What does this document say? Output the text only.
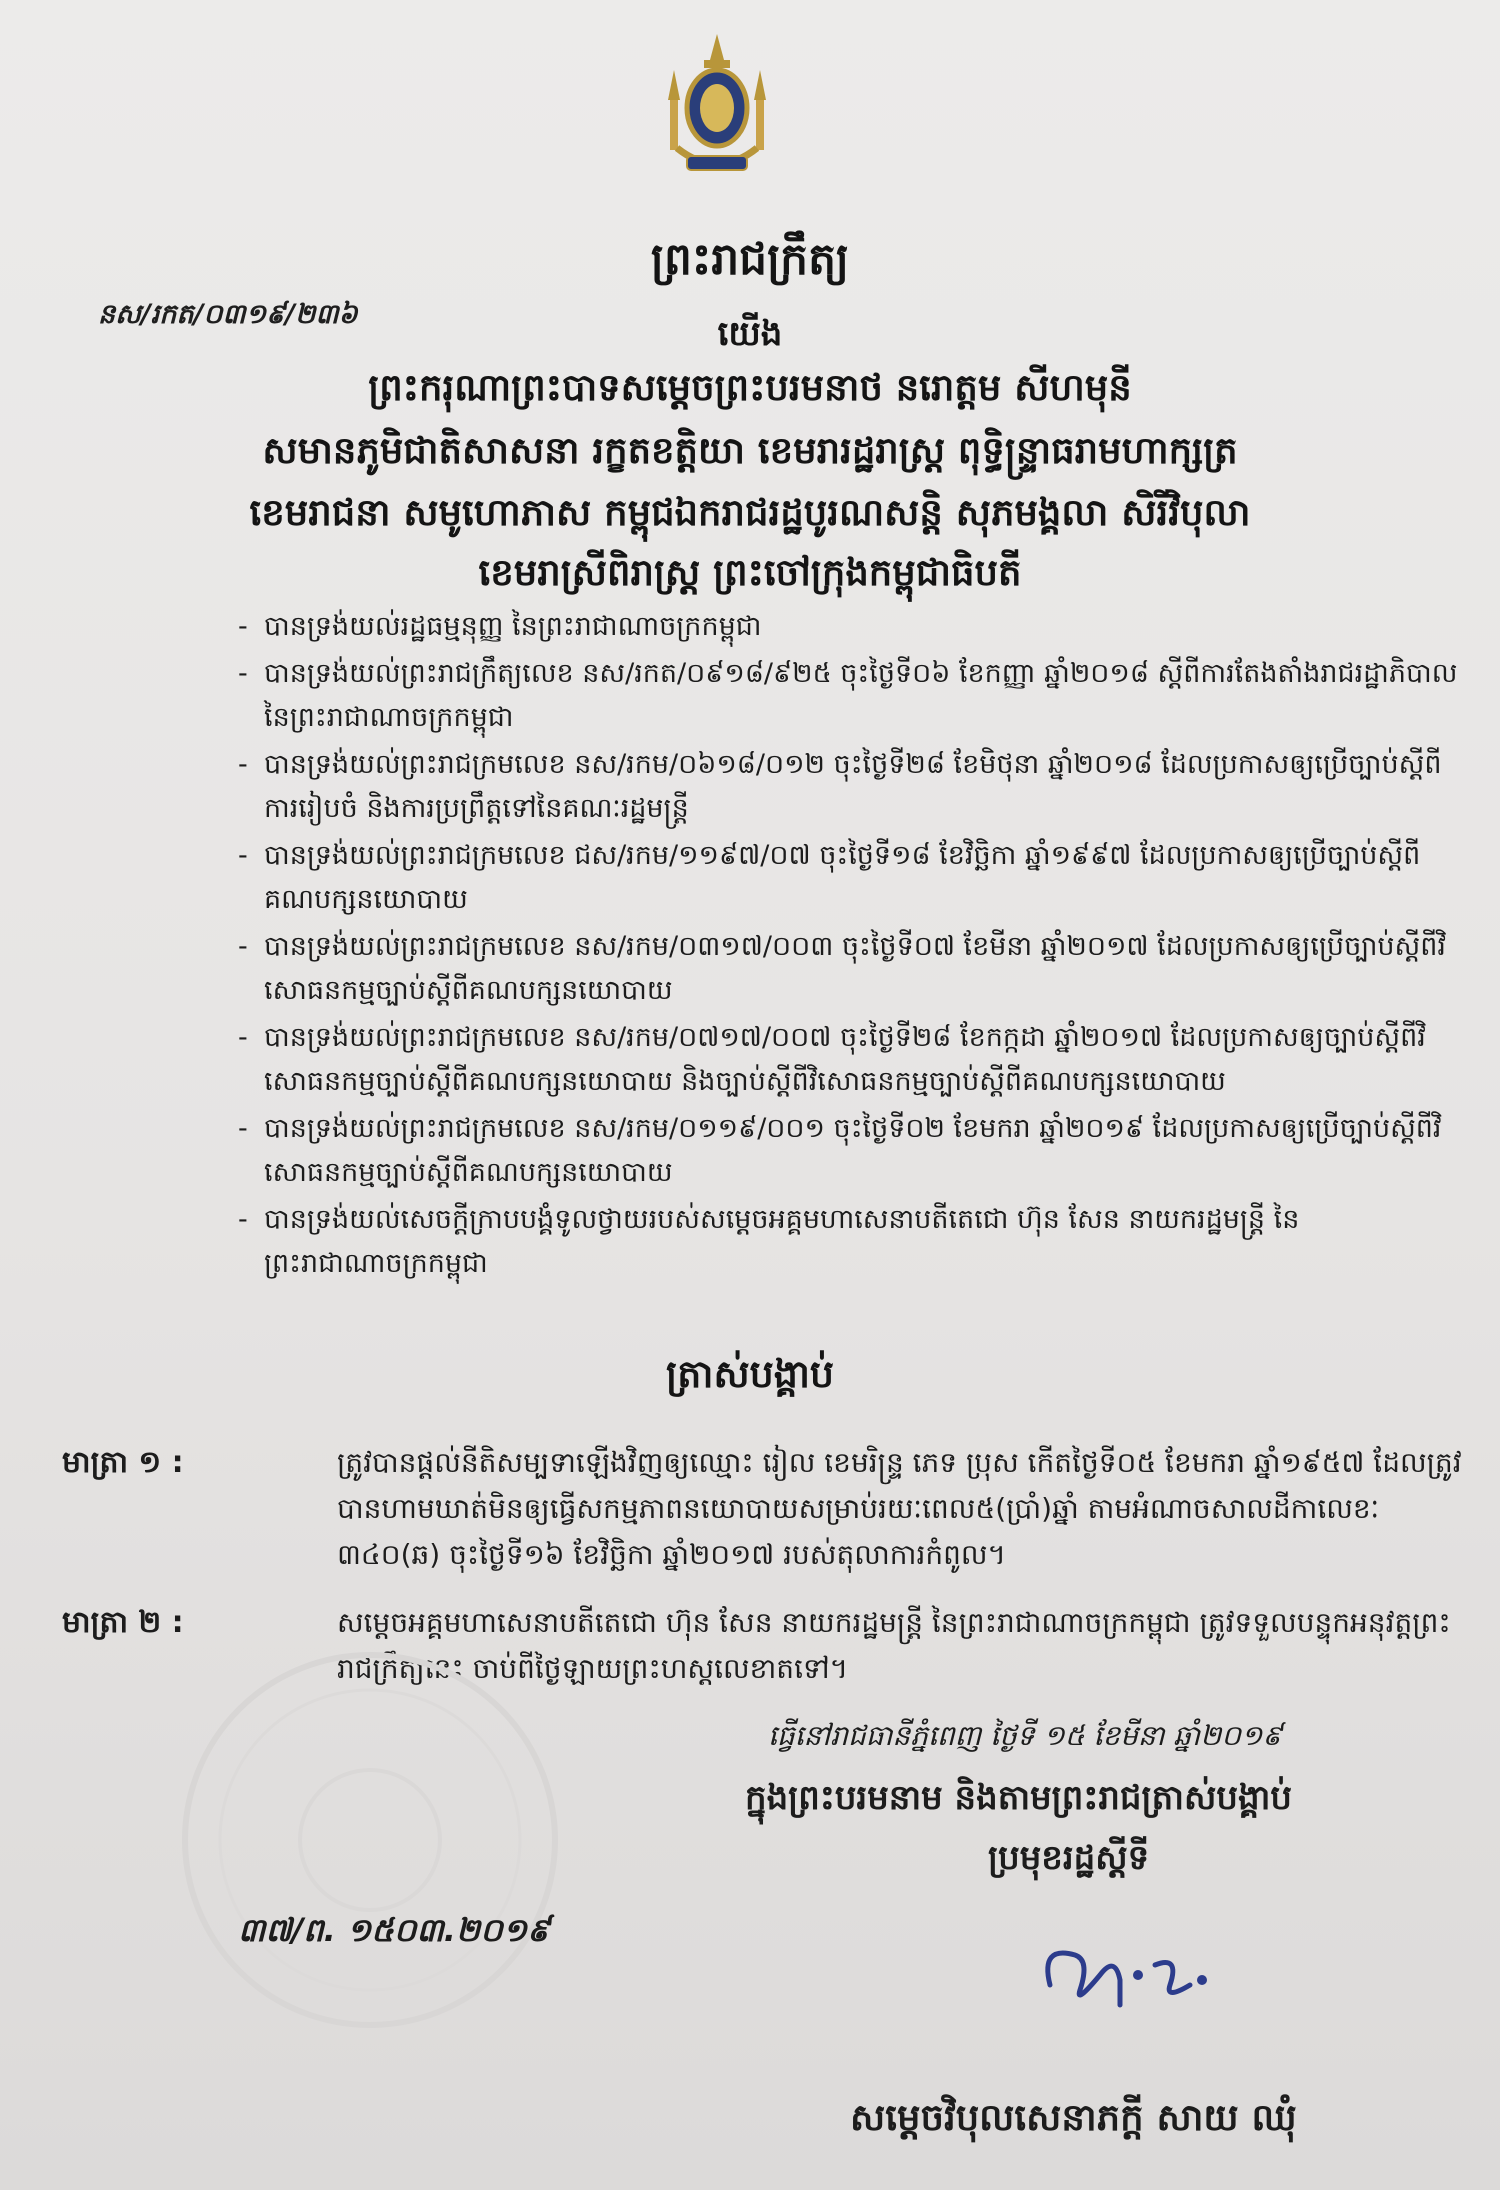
ព្រះរាជក្រឹត្យ
នស/រកត/០៣១៩/២៣៦	យើង
ព្រះករុណាព្រះបាទសម្តេចព្រះបរមនាថ នរោត្តម សីហមុនី
សមានភូមិជាតិសាសនា រក្ខតខត្តិយា ខេមរារដ្ឋរាស្ត្រ ពុទ្ធិន្ទ្រាធរាមហាក្សត្រ
ខេមរាជនា សមូហោភាស កម្ពុជឯករាជរដ្ឋបូរណសន្តិ សុភមង្គលា សិរីវិបុលា
ខេមរាស្រីពិរាស្ត្រ ព្រះចៅក្រុងកម្ពុជាធិបតី
- បានទ្រង់យល់រដ្ឋធម្មនុញ្ញ នៃព្រះរាជាណាចក្រកម្ពុជា
- បានទ្រង់យល់ព្រះរាជក្រឹត្យលេខ នស/រកត/០៩១៨/៩២៥ ចុះថ្ងៃទី០៦ ខែកញ្ញា ឆ្នាំ២០១៨ ស្តីពីការតែងតាំងរាជរដ្ឋាភិបាល នៃព្រះរាជាណាចក្រកម្ពុជា
- បានទ្រង់យល់ព្រះរាជក្រមលេខ នស/រកម/០៦១៨/០១២ ចុះថ្ងៃទី២៨ ខែមិថុនា ឆ្នាំ២០១៨ ដែលប្រកាសឲ្យប្រើច្បាប់ស្តីពីការរៀបចំ និងការប្រព្រឹត្តទៅនៃគណៈរដ្ឋមន្ត្រី
- បានទ្រង់យល់ព្រះរាជក្រមលេខ ជស/រកម/១១៩៧/០៧ ចុះថ្ងៃទី១៨ ខែវិច្ឆិកា ឆ្នាំ១៩៩៧ ដែលប្រកាសឲ្យប្រើច្បាប់ស្តីពីគណបក្សនយោបាយ
- បានទ្រង់យល់ព្រះរាជក្រមលេខ នស/រកម/០៣១៧/០០៣ ចុះថ្ងៃទី០៧ ខែមីនា ឆ្នាំ២០១៧ ដែលប្រកាសឲ្យប្រើច្បាប់ស្តីពីវិសោធនកម្មច្បាប់ស្តីពីគណបក្សនយោបាយ
- បានទ្រង់យល់ព្រះរាជក្រមលេខ នស/រកម/០៧១៧/០០៧ ចុះថ្ងៃទី២៨ ខែកក្កដា ឆ្នាំ២០១៧ ដែលប្រកាសឲ្យច្បាប់ស្តីពីវិសោធនកម្មច្បាប់ស្តីពីគណបក្សនយោបាយ និងច្បាប់ស្តីពីវិសោធនកម្មច្បាប់ស្តីពីគណបក្សនយោបាយ
- បានទ្រង់យល់ព្រះរាជក្រមលេខ នស/រកម/០១១៩/០០១ ចុះថ្ងៃទី០២ ខែមករា ឆ្នាំ២០១៩ ដែលប្រកាសឲ្យប្រើច្បាប់ស្តីពីវិសោធនកម្មច្បាប់ស្តីពីគណបក្សនយោបាយ
- បានទ្រង់យល់សេចក្តីក្រាបបង្គំទូលថ្វាយរបស់សម្តេចអគ្គមហាសេនាបតីតេជោ ហ៊ុន សែន នាយករដ្ឋមន្ត្រី នៃព្រះរាជាណាចក្រកម្ពុជា
ត្រាស់បង្គាប់
មាត្រា ១ :	ត្រូវបានផ្តល់នីតិសម្បទាឡើងវិញឲ្យឈ្មោះ រៀល ខេមរិន្ទ្រ ភេទ ប្រុស កើតថ្ងៃទី០៥ ខែមករា ឆ្នាំ១៩៥៧ ដែលត្រូវបានហាមឃាត់មិនឲ្យធ្វើសកម្មភាពនយោបាយសម្រាប់រយៈពេល៥(ប្រាំ)ឆ្នាំ តាមអំណាចសាលដីកាលេខៈ ៣៤០(ឆ) ចុះថ្ងៃទី១៦ ខែវិច្ឆិកា ឆ្នាំ២០១៧ របស់តុលាការកំពូល។
មាត្រា ២ :	សម្តេចអគ្គមហាសេនាបតីតេជោ ហ៊ុន សែន នាយករដ្ឋមន្ត្រី នៃព្រះរាជាណាចក្រកម្ពុជា ត្រូវទទួលបន្ទុកអនុវត្តព្រះរាជក្រឹត្យនេះ ចាប់ពីថ្ងៃឡាយព្រះហស្តលេខាតទៅ។
ធ្វើនៅរាជធានីភ្នំពេញ ថ្ងៃទី ១៥ ខែមីនា ឆ្នាំ២០១៩
ក្នុងព្រះបរមនាម និងតាមព្រះរាជត្រាស់បង្គាប់
ប្រមុខរដ្ឋស្តីទី
៣៧/ព. ១៥០៣.២០១៩
សម្តេចវិបុលសេនាភក្តី សាយ ឈុំ
